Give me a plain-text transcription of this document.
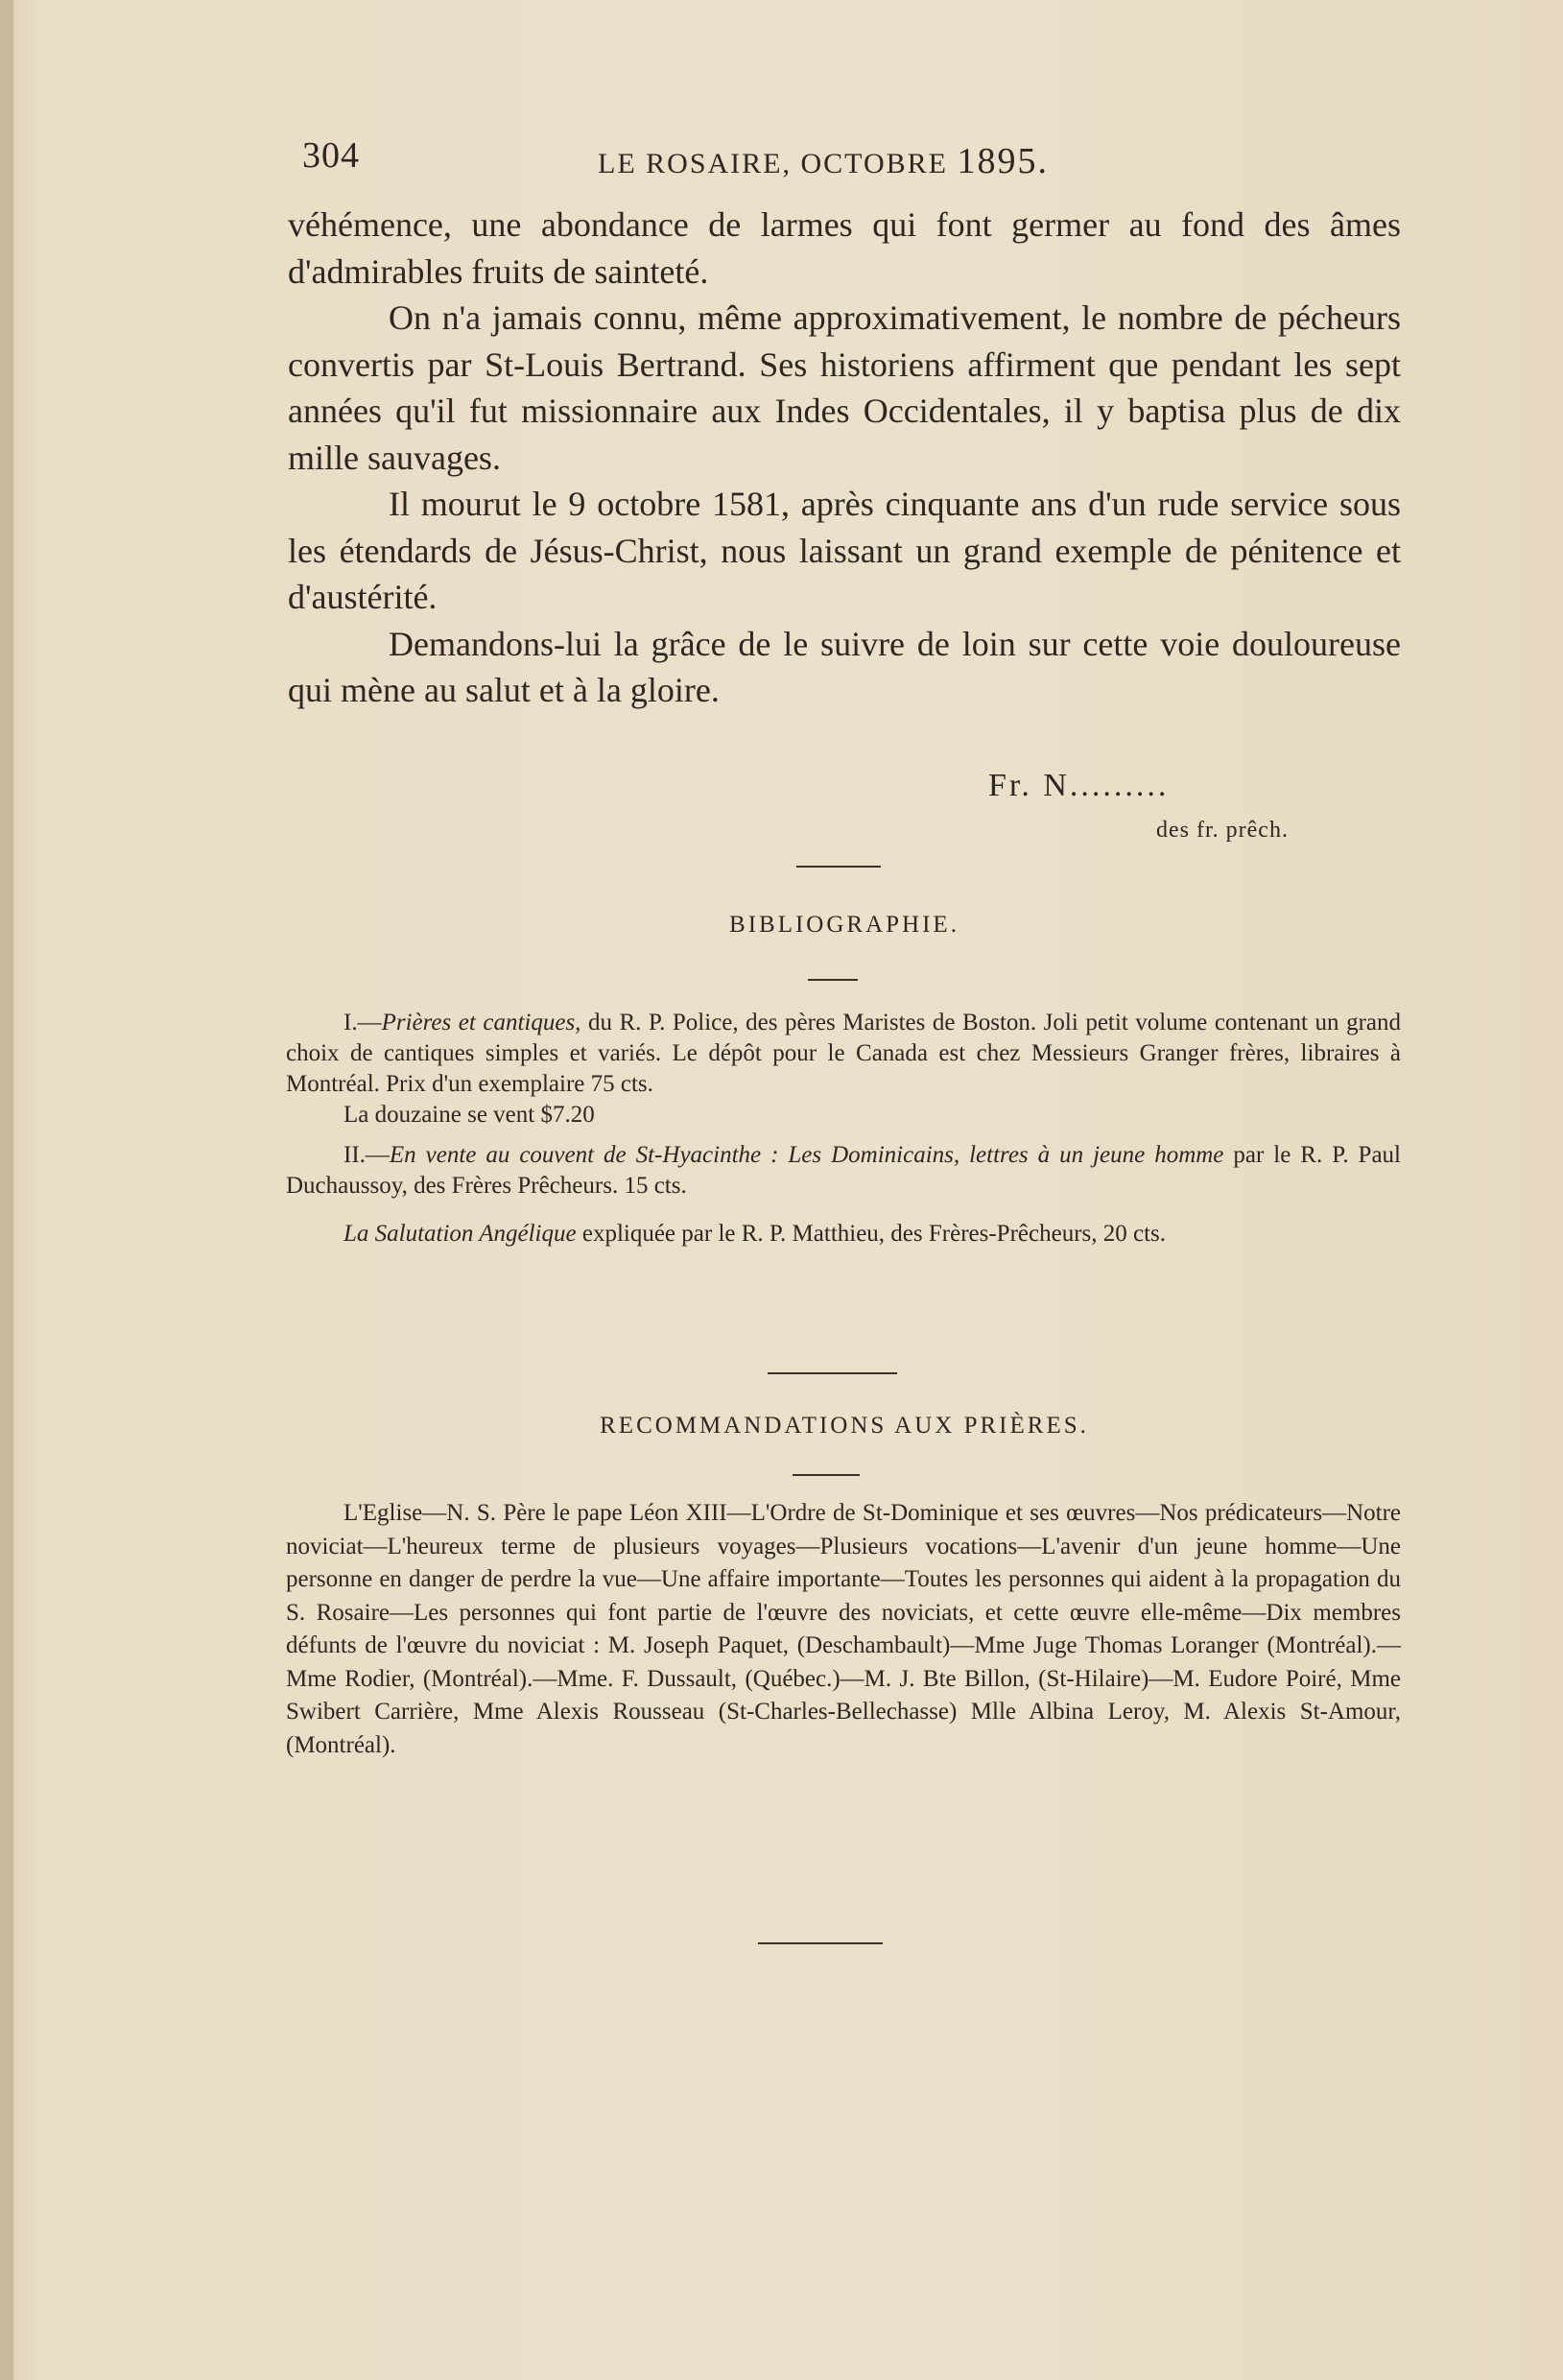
304	LE ROSAIRE, OCTOBRE 1895.

véhémence, une abondance de larmes qui font germer au fond des âmes d'admirables fruits de sainteté.

On n'a jamais connu, même approximativement, le nombre de pécheurs convertis par St-Louis Bertrand. Ses historiens affirment que pendant les sept années qu'il fut missionnaire aux Indes Occidentales, il y baptisa plus de dix mille sauvages.

Il mourut le 9 octobre 1581, après cinquante ans d'un rude service sous les étendards de Jésus-Christ, nous laissant un grand exemple de pénitence et d'austérité.

Demandons-lui la grâce de le suivre de loin sur cette voie douloureuse qui mène au salut et à la gloire.

Fr. N.........
des fr. prêch.
BIBLIOGRAPHIE.

I.—Prières et cantiques, du R. P. Police, des pères Maristes de Boston. Joli petit volume contenant un grand choix de cantiques simples et variés. Le dépôt pour le Canada est chez Messieurs Granger frères, libraires à Montréal. Prix d'un exemplaire 75 cts.

La douzaine se vent $7.20

II.—En vente au couvent de St-Hyacinthe : Les Dominicains, lettres à un jeune homme par le R. P. Paul Duchaussoy, des Frères Prêcheurs. 15 cts.

La Salutation Angélique expliquée par le R. P. Matthieu, des Frères-Prêcheurs, 20 cts.

RECOMMANDATIONS AUX PRIÈRES.

L'Eglise—N. S. Père le pape Léon XIII—L'Ordre de St-Dominique et ses œuvres—Nos prédicateurs—Notre noviciat—L'heureux terme de plusieurs voyages—Plusieurs vocations—L'avenir d'un jeune homme—Une personne en danger de perdre la vue—Une affaire importante—Toutes les personnes qui aident à la propagation du S. Rosaire—Les personnes qui font partie de l'œuvre des noviciats, et cette œuvre elle-même—Dix membres défunts de l'œuvre du noviciat : M. Joseph Paquet, (Deschambault)—Mme Juge Thomas Loranger (Montréal).—Mme Rodier, (Montréal).—Mme. F. Dussault, (Québec.)—M. J. Bte Billon, (St-Hilaire)—M. Eudore Poiré, Mme Swibert Carrière, Mme Alexis Rousseau (St-Charles-Bellechasse) Mlle Albina Leroy, M. Alexis St-Amour, (Montréal).
